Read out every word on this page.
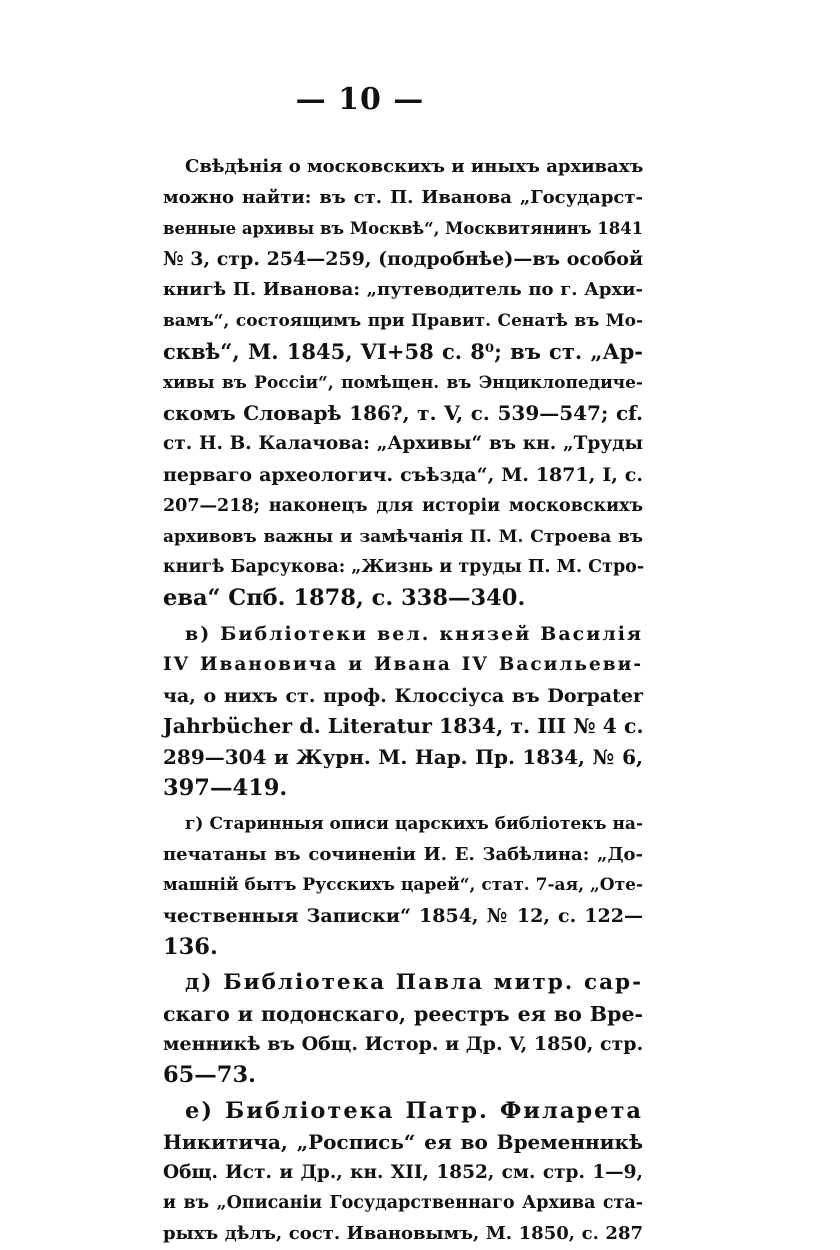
— 10 —
Свѣдѣнія о московскихъ и иныхъ архивахъ
можно найти: въ ст. П. Иванова „Государст-
венные архивы въ Москвѣ“, Москвитянинъ 1841
№ 3, стр. 254—259, (подробнѣе)—въ особой
книгѣ П. Иванова: „путеводитель по г. Архи-
вамъ“, состоящимъ при Правит. Сенатѣ въ Мо-
сквѣ“, М. 1845, VI+58 с. 8⁰; въ ст. „Ар-
хивы въ Россіи“, помѣщен. въ Энциклопедиче-
скомъ Словарѣ 186?, т. V, с. 539—547; cf.
ст. Н. В. Калачова: „Архивы“ въ кн. „Труды
перваго археологич. съѣзда“, М. 1871, I, с.
207—218; наконецъ для исторіи московскихъ
архивовъ важны и замѣчанія П. М. Строева въ
книгѣ Барсукова: „Жизнь и труды П. М. Стро-
ева“ Спб. 1878, с. 338—340.
в) Библіотеки вел. князей Василія
IV Ивановича и Ивана IV Васильеви-
ча, о нихъ ст. проф. Клоссіуса въ Dorpater
Jahrbücher d. Literatur 1834, т. III № 4 с.
289—304 и Журн. М. Нар. Пр. 1834, № 6,
397—419.
г) Старинныя описи царскихъ библіотекъ на-
печатаны въ сочиненіи И. Е. Забѣлина: „До-
машній бытъ Русскихъ царей“, стат. 7-ая, „Оте-
чественныя Записки“ 1854, № 12, с. 122—
136.
д) Библіотека Павла митр. сар-
скаго и подонскаго, реестръ ея во Вре-
менникѣ въ Общ. Истор. и Др. V, 1850, стр.
65—73.
е) Библіотека Патр. Филарета
Никитича, „Роспись“ ея во Временникѣ
Общ. Ист. и Др., кн. XII, 1852, см. стр. 1—9,
и въ „Описаніи Государственнаго Архива ста-
рыхъ дѣлъ, сост. Ивановымъ, М. 1850, с. 287
